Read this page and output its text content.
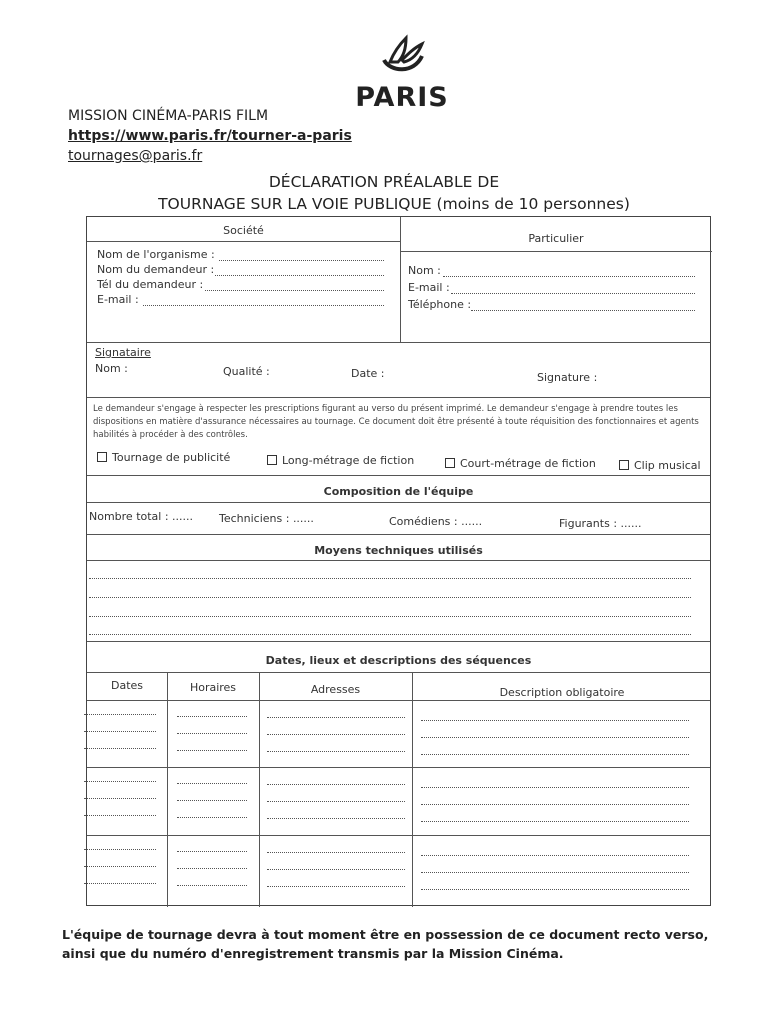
PARIS
MISSION CINÉMA-PARIS FILM
https://www.paris.fr/tourner-a-paris
tournages@paris.fr
DÉCLARATION PRÉALABLE DE
TOURNAGE SUR LA VOIE PUBLIQUE (moins de 10 personnes)
Société
Particulier
Nom de l'organisme :
Nom du demandeur :
Tél du demandeur :
E-mail :
Nom :
E-mail :
Téléphone :
Signataire
Nom :	Qualité :	Date :	Signature :
Le demandeur s'engage à respecter les prescriptions figurant au verso du présent imprimé. Le demandeur s'engage à prendre toutes les dispositions en matière d'assurance nécessaires au tournage. Ce document doit être présenté à toute réquisition des fonctionnaires et agents habilités à procéder à des contrôles.
Tournage de publicité	Long-métrage de fiction	Court-métrage de fiction	Clip musical
Composition de l'équipe
Nombre total : ...... Techniciens : ......	Comédiens : ......	Figurants : ......
Moyens techniques utilisés
Dates, lieux et descriptions des séquences
Dates	Horaires	Adresses	Description obligatoire
L'équipe de tournage devra à tout moment être en possession de ce document recto verso, ainsi que du numéro d'enregistrement transmis par la Mission Cinéma.
